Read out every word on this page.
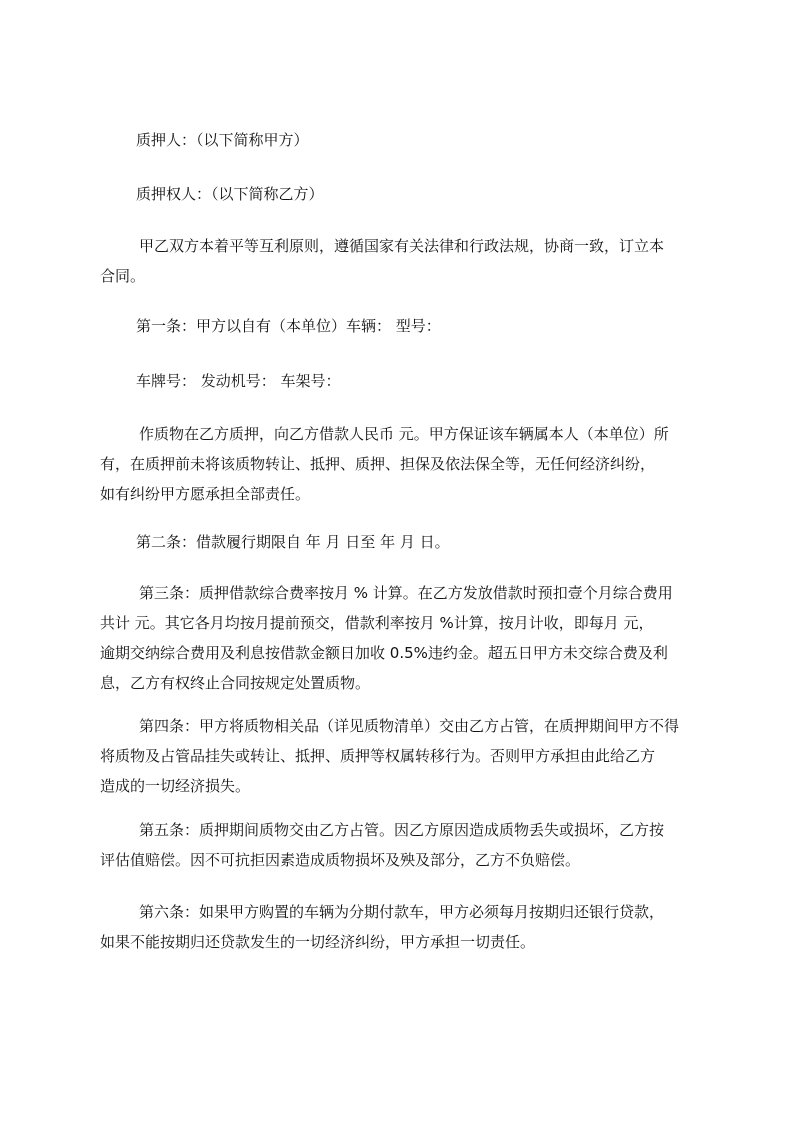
质押人：（以下简称甲方）

质押权人：（以下简称乙方）

甲乙双方本着平等互利原则，遵循国家有关法律和行政法规，协商一致，订立本
合同。

第一条：甲方以自有（本单位）车辆： 型号：

车牌号： 发动机号： 车架号：

作质物在乙方质押，向乙方借款人民币 元。甲方保证该车辆属本人（本单位）所
有，在质押前未将该质物转让、抵押、质押、担保及依法保全等，无任何经济纠纷，
如有纠纷甲方愿承担全部责任。

第二条：借款履行期限自 年 月 日至 年 月 日。

第三条：质押借款综合费率按月 % 计算。在乙方发放借款时预扣壹个月综合费用
共计 元。其它各月均按月提前预交，借款利率按月 %计算，按月计收，即每月 元，
逾期交纳综合费用及利息按借款金额日加收 0.5%违约金。超五日甲方未交综合费及利
息，乙方有权终止合同按规定处置质物。

第四条：甲方将质物相关品（详见质物清单）交由乙方占管，在质押期间甲方不得
将质物及占管品挂失或转让、抵押、质押等权属转移行为。否则甲方承担由此给乙方
造成的一切经济损失。

第五条：质押期间质物交由乙方占管。因乙方原因造成质物丢失或损坏，乙方按
评估值赔偿。因不可抗拒因素造成质物损坏及殃及部分，乙方不负赔偿。

第六条：如果甲方购置的车辆为分期付款车，甲方必须每月按期归还银行贷款，
如果不能按期归还贷款发生的一切经济纠纷，甲方承担一切责任。
